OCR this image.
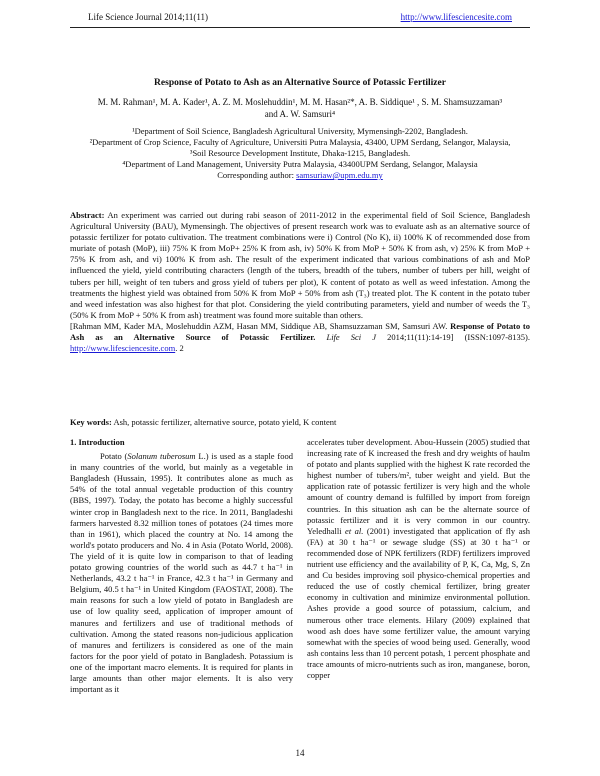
Life Science Journal 2014;11(11)	http://www.lifesciencesite.com
Response of Potato to Ash as an Alternative Source of Potassic Fertilizer
M. M. Rahman¹, M. A. Kader¹, A. Z. M. Moslehuddin¹, M. M. Hasan²*, A. B. Siddique¹ , S. M. Shamsuzzaman³
and A. W. Samsuri⁴
¹Department of Soil Science, Bangladesh Agricultural University, Mymensingh-2202, Bangladesh.
²Department of Crop Science, Faculty of Agriculture, Universiti Putra Malaysia, 43400, UPM Serdang, Selangor, Malaysia,
³Soil Resource Development Institute, Dhaka-1215, Bangladesh.
⁴Department of Land Management, University Putra Malaysia, 43400UPM Serdang, Selangor, Malaysia
Corresponding author: samsuriaw@upm.edu.my
Abstract: An experiment was carried out during rabi season of 2011-2012 in the experimental field of Soil Science, Bangladesh Agricultural University (BAU), Mymensingh. The objectives of present research work was to evaluate ash as an alternative source of potassic fertilizer for potato cultivation. The treatment combinations were i) Control (No K), ii) 100% K of recommended dose from muriate of potash (MoP), iii) 75% K from MoP+ 25% K from ash, iv) 50% K from MoP + 50% K from ash, v) 25% K from MoP + 75% K from ash, and vi) 100% K from ash. The result of the experiment indicated that various combinations of ash and MoP influenced the yield, yield contributing characters (length of the tubers, breadth of the tubers, number of tubers per hill, weight of tubers per hill, weight of ten tubers and gross yield of tubers per plot), K content of potato as well as weed infestation. Among the treatments the highest yield was obtained from 50% K from MoP + 50% from ash (T₃) treated plot. The K content in the potato tuber and weed infestation was also highest for that plot. Considering the yield contributing parameters, yield and number of weeds the T₃ (50% K from MoP + 50% K from ash) treatment was found more suitable than others.
[Rahman MM, Kader MA, Moslehuddin AZM, Hasan MM, Siddique AB, Shamsuzzaman SM, Samsuri AW. Response of Potato to Ash as an Alternative Source of Potassic Fertilizer. Life Sci J 2014;11(11):14-19] (ISSN:1097-8135). http://www.lifesciencesite.com. 2
Key words: Ash, potassic fertilizer, alternative source, potato yield, K content
1. Introduction

Potato (Solanum tuberosum L.) is used as a staple food in many countries of the world, but mainly as a vegetable in Bangladesh (Hussain, 1995). It contributes alone as much as 54% of the total annual vegetable production of this country (BBS, 1997). Today, the potato has become a highly successful winter crop in Bangladesh next to the rice. In 2011, Bangladeshi farmers harvested 8.32 million tones of potatoes (24 times more than in 1961), which placed the country at No. 14 among the world's potato producers and No. 4 in Asia (Potato World, 2008). The yield of it is quite low in comparison to that of leading potato growing countries of the world such as 44.7 t ha⁻¹ in Netherlands, 43.2 t ha⁻¹ in France, 42.3 t ha⁻¹ in Germany and Belgium, 40.5 t ha⁻¹ in United Kingdom (FAOSTAT, 2008). The main reasons for such a low yield of potato in Bangladesh are use of low quality seed, application of improper amount of manures and fertilizers and use of traditional methods of cultivation. Among the stated reasons non-judicious application of manures and fertilizers is considered as one of the main factors for the poor yield of potato in Bangladesh. Potassium is one of the important macro elements. It is required for plants in large amounts than other major elements. It is also very important as it

accelerates tuber development. Abou-Hussein (2005) studied that increasing rate of K increased the fresh and dry weights of haulm of potato and plants supplied with the highest K rate recorded the highest number of tubers/m², tuber weight and yield. But the application rate of potassic fertilizer is very high and the whole amount of country demand is fulfilled by import from foreign countries. In this situation ash can be the alternate source of potassic fertilizer and it is very common in our country. Yeledhalli et al. (2001) investigated that application of fly ash (FA) at 30 t ha⁻¹ or sewage sludge (SS) at 30 t ha⁻¹ or recommended dose of NPK fertilizers (RDF) fertilizers improved nutrient use efficiency and the availability of P, K, Ca, Mg, S, Zn and Cu besides improving soil physico-chemical properties and reduced the use of costly chemical fertilizer, bring greater economy in cultivation and minimize environmental pollution. Ashes provide a good source of potassium, calcium, and numerous other trace elements. Hilary (2009) explained that wood ash does have some fertilizer value, the amount varying somewhat with the species of wood being used. Generally, wood ash contains less than 10 percent potash, 1 percent phosphate and trace amounts of micro-nutrients such as iron, manganese, boron, copper

14
